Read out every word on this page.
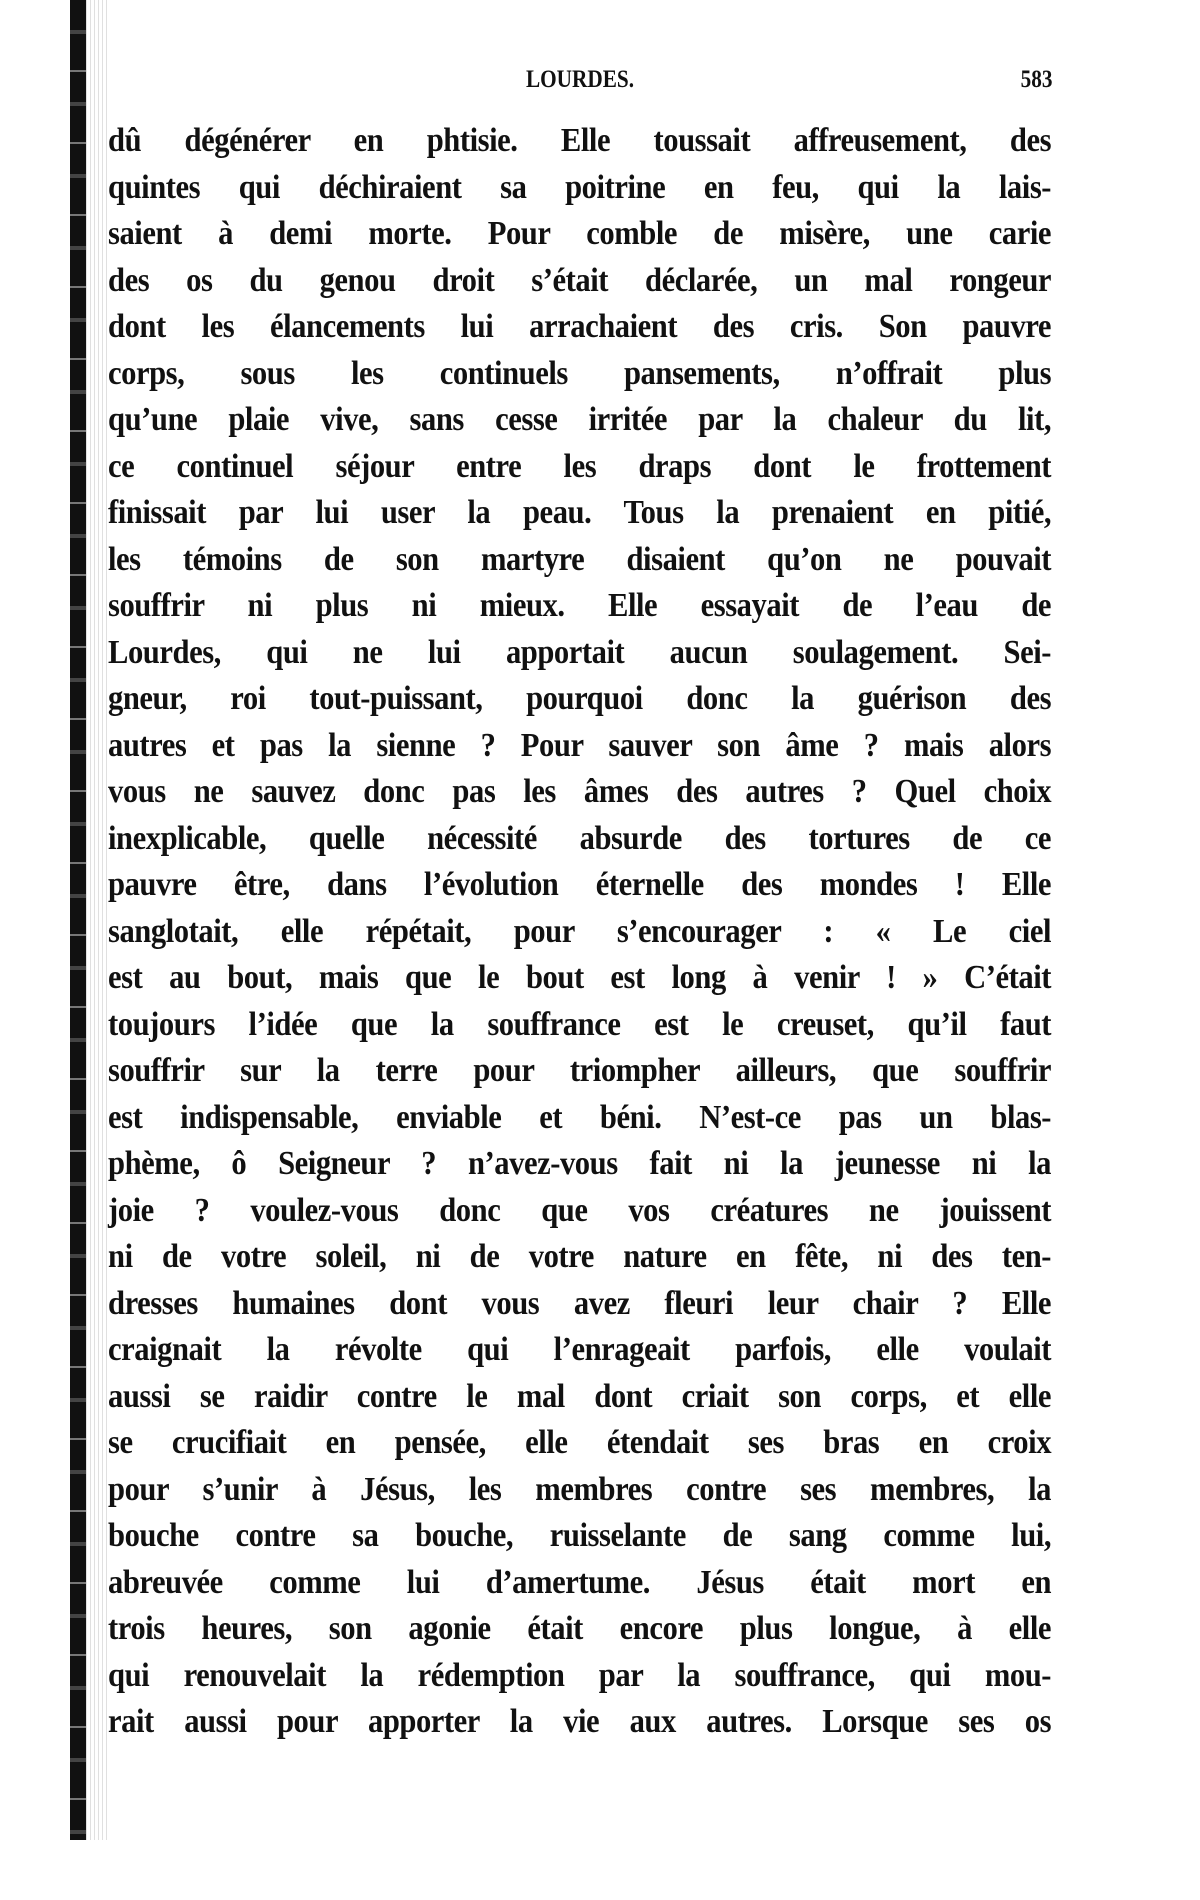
LOURDES.	583
dû dégénérer en phtisie. Elle toussait affreusement, des
quintes qui déchiraient sa poitrine en feu, qui la lais-
saient à demi morte. Pour comble de misère, une carie
des os du genou droit s’était déclarée, un mal rongeur
dont les élancements lui arrachaient des cris. Son pauvre
corps, sous les continuels pansements, n’offrait plus
qu’une plaie vive, sans cesse irritée par la chaleur du lit,
ce continuel séjour entre les draps dont le frottement
finissait par lui user la peau. Tous la prenaient en pitié,
les témoins de son martyre disaient qu’on ne pouvait
souffrir ni plus ni mieux. Elle essayait de l’eau de
Lourdes, qui ne lui apportait aucun soulagement. Sei-
gneur, roi tout-puissant, pourquoi donc la guérison des
autres et pas la sienne ? Pour sauver son âme ? mais alors
vous ne sauvez donc pas les âmes des autres ? Quel choix
inexplicable, quelle nécessité absurde des tortures de ce
pauvre être, dans l’évolution éternelle des mondes ! Elle
sanglotait, elle répétait, pour s’encourager : « Le ciel
est au bout, mais que le bout est long à venir ! » C’était
toujours l’idée que la souffrance est le creuset, qu’il faut
souffrir sur la terre pour triompher ailleurs, que souffrir
est indispensable, enviable et béni. N’est-ce pas un blas-
phème, ô Seigneur ? n’avez-vous fait ni la jeunesse ni la
joie ? voulez-vous donc que vos créatures ne jouissent
ni de votre soleil, ni de votre nature en fête, ni des ten-
dresses humaines dont vous avez fleuri leur chair ? Elle
craignait la révolte qui l’enrageait parfois, elle voulait
aussi se raidir contre le mal dont criait son corps, et elle
se crucifiait en pensée, elle étendait ses bras en croix
pour s’unir à Jésus, les membres contre ses membres, la
bouche contre sa bouche, ruisselante de sang comme lui,
abreuvée comme lui d’amertume. Jésus était mort en
trois heures, son agonie était encore plus longue, à elle
qui renouvelait la rédemption par la souffrance, qui mou-
rait aussi pour apporter la vie aux autres. Lorsque ses os
